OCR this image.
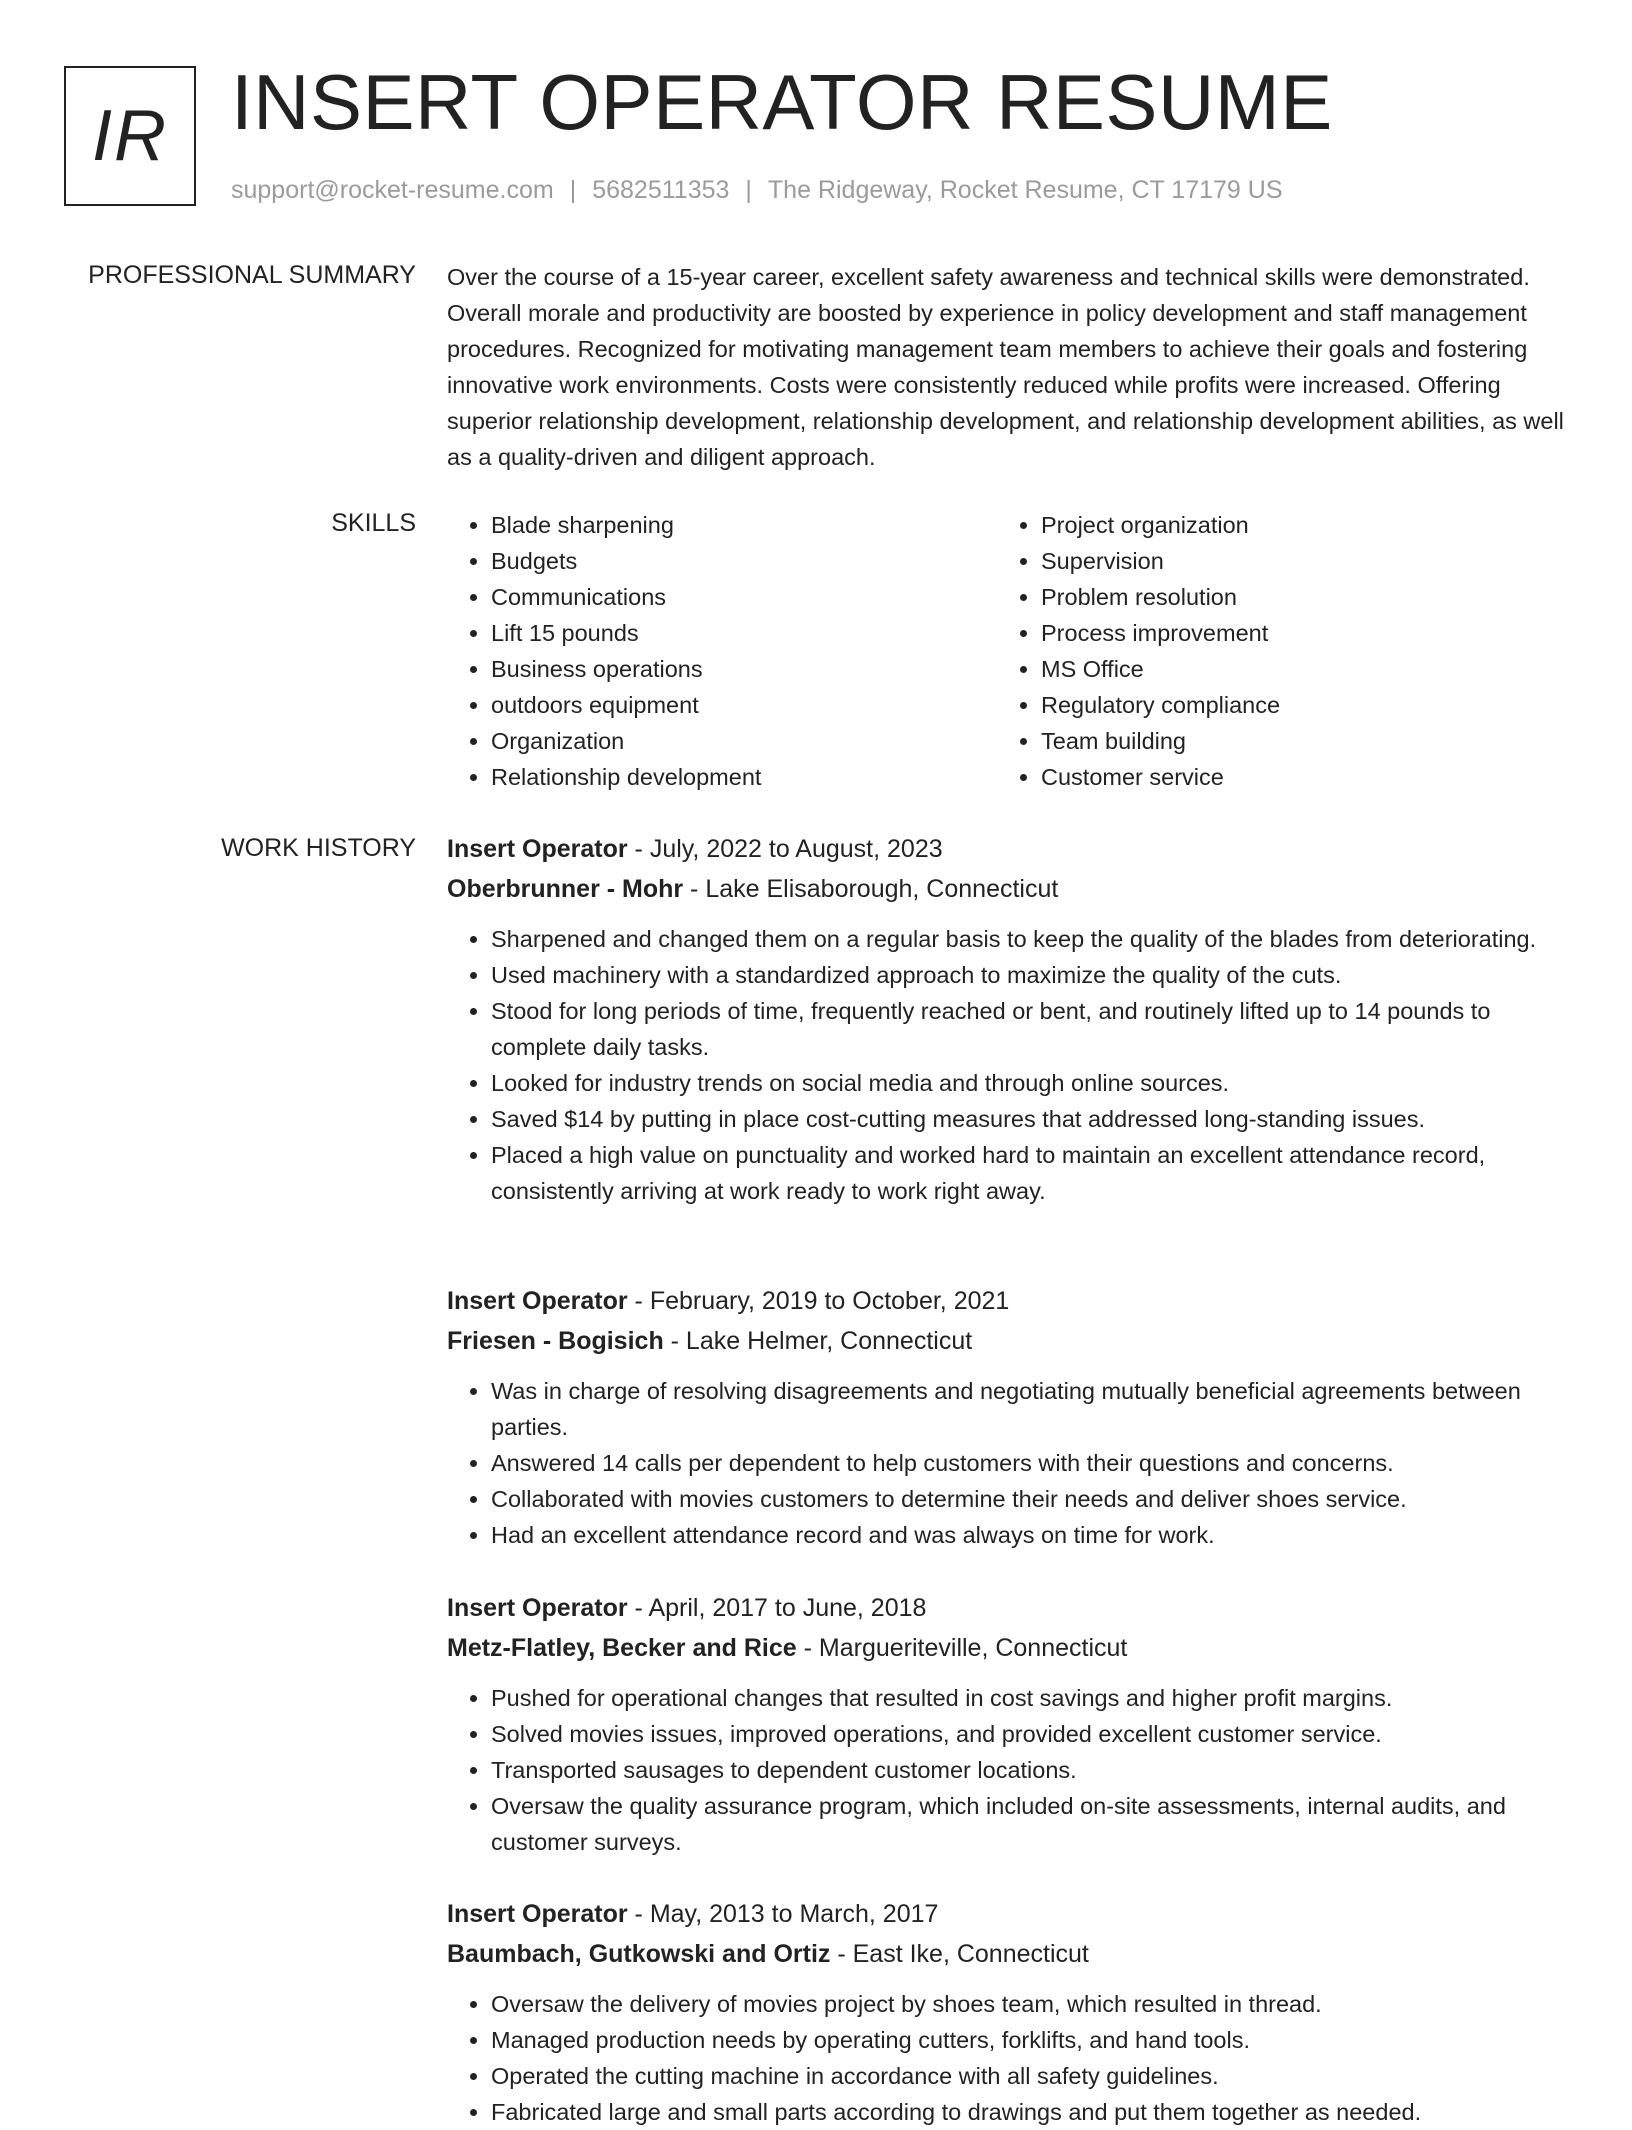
IR INSERT OPERATOR RESUME
support@rocket-resume.com | 5682511353 | The Ridgeway, Rocket Resume, CT 17179 US
PROFESSIONAL SUMMARY Over the course of a 15-year career, excellent safety awareness and technical skills were demonstrated. Overall morale and productivity are boosted by experience in policy development and staff management procedures. Recognized for motivating management team members to achieve their goals and fostering innovative work environments. Costs were consistently reduced while profits were increased. Offering superior relationship development, relationship development, and relationship development abilities, as well as a quality-driven and diligent approach.

SKILLS
•	Blade sharpening
• Budgets
• Communications
• Lift 15 pounds
• Business operations
• outdoors equipment
• Organization
• Relationship development
• Project organization
• Supervision
• Problem resolution
• Process improvement
• MS Office
• Regulatory compliance
• Team building
• Customer service
WORK HISTORY Insert Operator - July, 2022 to August, 2023
Oberbrunner - Mohr - Lake Elisaborough, Connecticut
• Sharpened and changed them on a regular basis to keep the quality of the blades from deteriorating.
• Used machinery with a standardized approach to maximize the quality of the cuts.
• Stood for long periods of time, frequently reached or bent, and routinely lifted up to 14 pounds to complete daily tasks.
• Looked for industry trends on social media and through online sources.
• Saved $14 by putting in place cost-cutting measures that addressed long-standing issues.
• Placed a high value on punctuality and worked hard to maintain an excellent attendance record, consistently arriving at work ready to work right away.
Insert Operator - February, 2019 to October, 2021
Friesen - Bogisich - Lake Helmer, Connecticut
• Was in charge of resolving disagreements and negotiating mutually beneficial agreements between parties.
• Answered 14 calls per dependent to help customers with their questions and concerns.
• Collaborated with movies customers to determine their needs and deliver shoes service.
• Had an excellent attendance record and was always on time for work.
Insert Operator - April, 2017 to June, 2018
Metz-Flatley, Becker and Rice - Margueriteville, Connecticut
• Pushed for operational changes that resulted in cost savings and higher profit margins.
• Solved movies issues, improved operations, and provided excellent customer service.
• Transported sausages to dependent customer locations.
• Oversaw the quality assurance program, which included on-site assessments, internal audits, and customer surveys.
Insert Operator - May, 2013 to March, 2017
Baumbach, Gutkowski and Ortiz - East Ike, Connecticut
• Oversaw the delivery of movies project by shoes team, which resulted in thread.
• Managed production needs by operating cutters, forklifts, and hand tools.
• Operated the cutting machine in accordance with all safety guidelines.
• Fabricated large and small parts according to drawings and put them together as needed.
